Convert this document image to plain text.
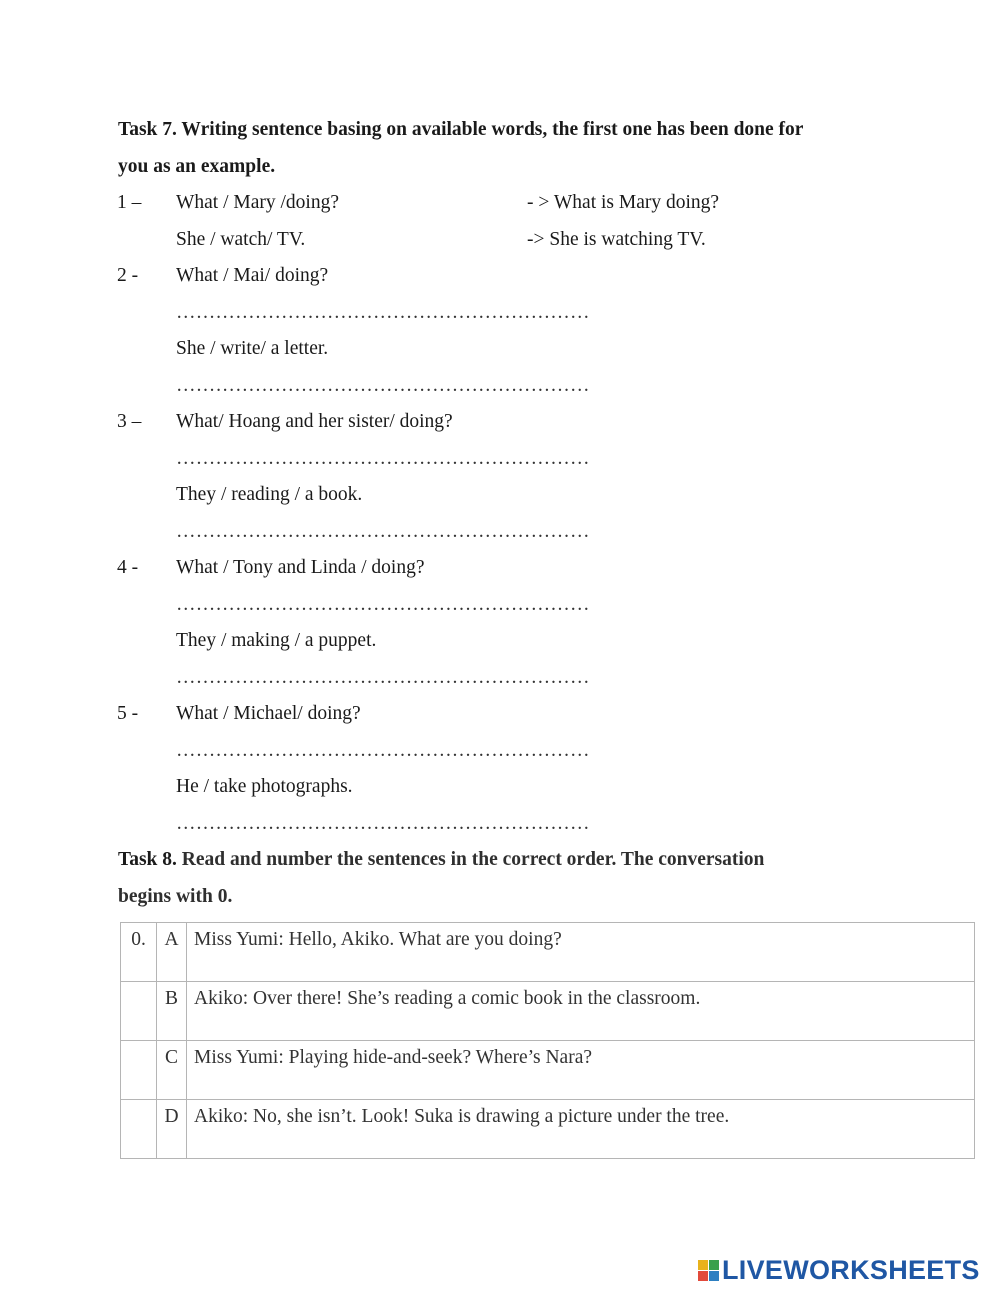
Task 7. Writing sentence basing on available words, the first one has been done for
you as an example.
1 – What / Mary /doing?	- > What is Mary doing?
She / watch/ TV.	-> She is watching TV.
2 - What / Mai/ doing?
………………………………………………………
She / write/ a letter.
………………………………………………………
3 – What/ Hoang and her sister/ doing?
………………………………………………………
They / reading / a book.
………………………………………………………
4 - What / Tony and Linda / doing?
………………………………………………………
They / making / a puppet.
………………………………………………………
5 - What / Michael/ doing?
………………………………………………………
He / take photographs.
………………………………………………………
Task 8. Read and number the sentences in the correct order. The conversation
begins with 0.
0.	A	Miss Yumi: Hello, Akiko. What are you doing?
	B	Akiko: Over there! She’s reading a comic book in the classroom.
	C	Miss Yumi: Playing hide-and-seek? Where’s Nara?
	D	Akiko: No, she isn’t. Look! Suka is drawing a picture under the tree.
LIVEWORKSHEETS
